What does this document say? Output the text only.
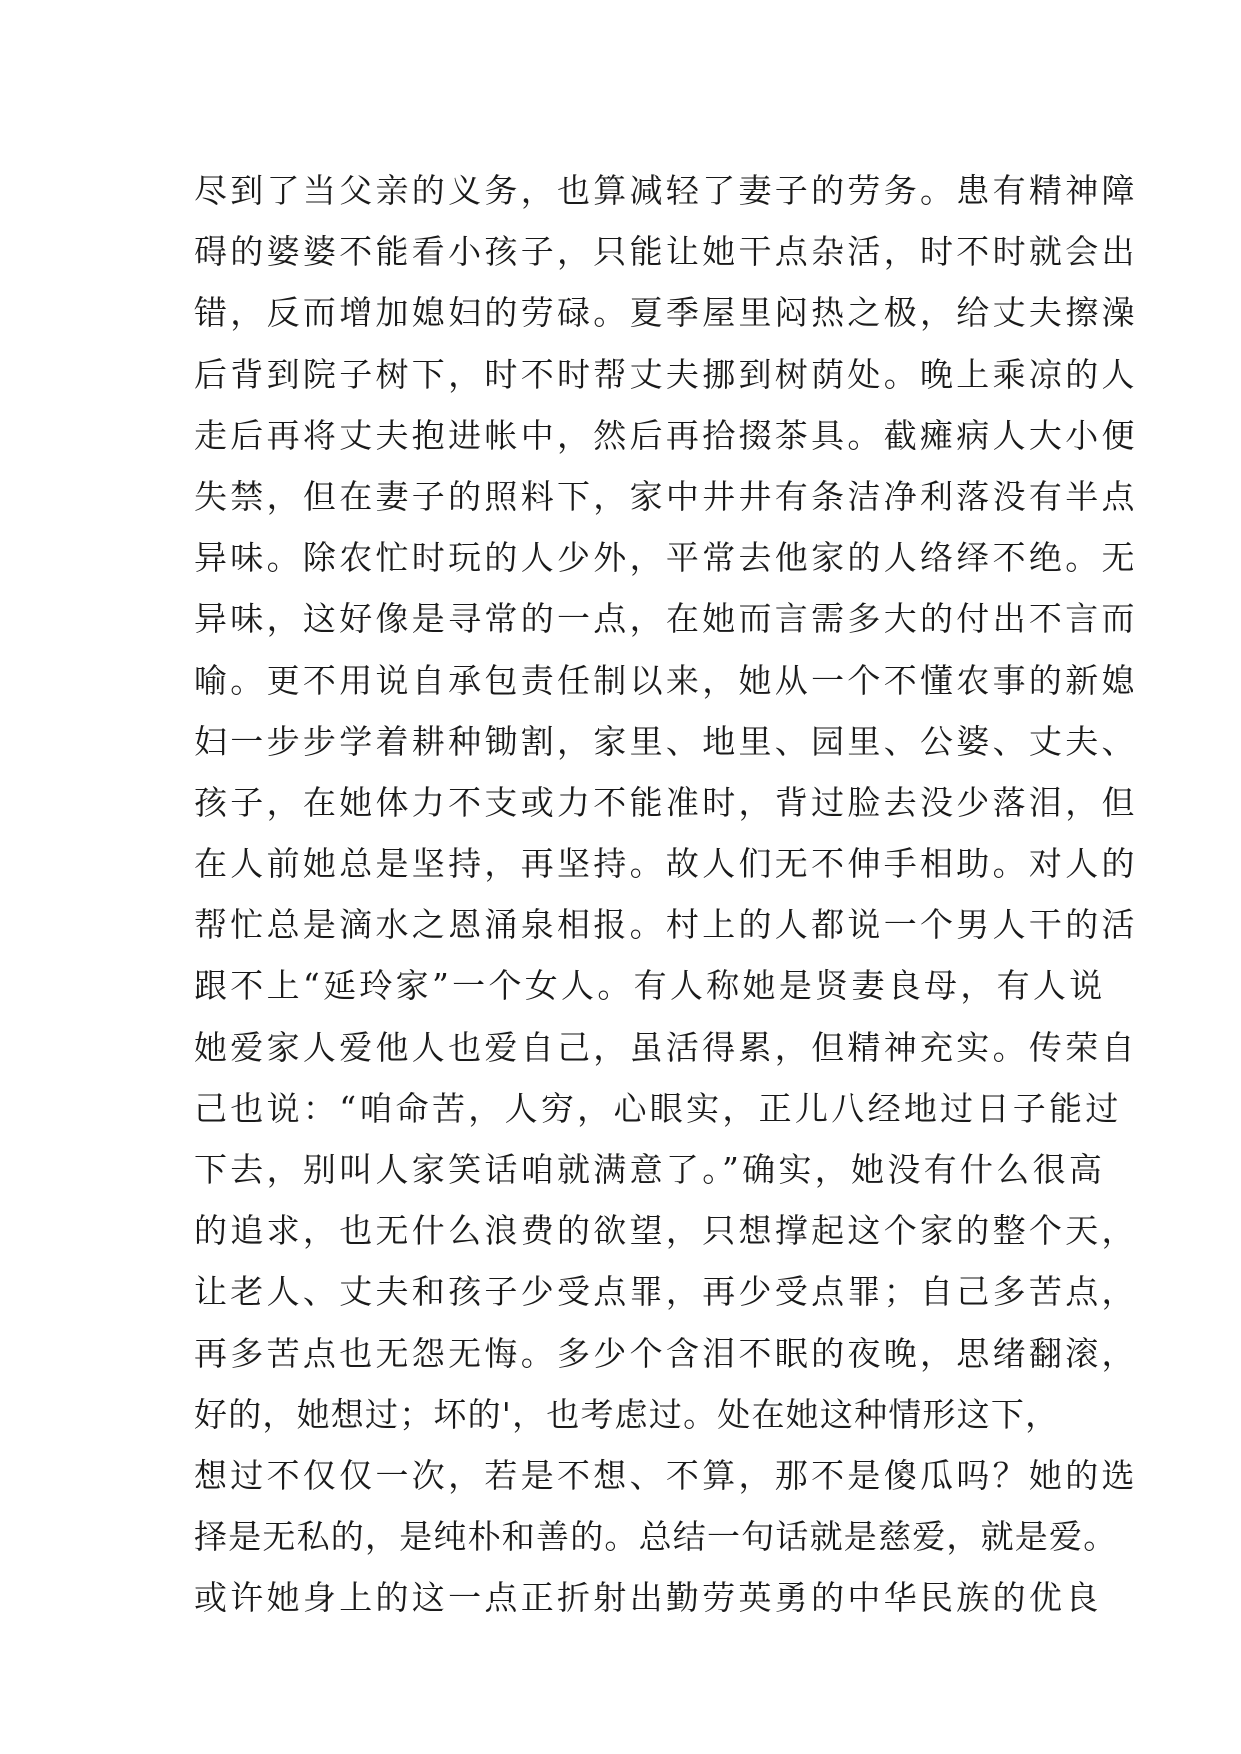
尽到了当父亲的义务，也算减轻了妻子的劳务。患有精神障
碍的婆婆不能看小孩子，只能让她干点杂活，时不时就会出
错，反而增加媳妇的劳碌。夏季屋里闷热之极，给丈夫擦澡
后背到院子树下，时不时帮丈夫挪到树荫处。晚上乘凉的人
走后再将丈夫抱进帐中，然后再拾掇茶具。截瘫病人大小便
失禁，但在妻子的照料下，家中井井有条洁净利落没有半点
异味。除农忙时玩的人少外，平常去他家的人络绎不绝。无
异味，这好像是寻常的一点，在她而言需多大的付出不言而
喻。更不用说自承包责任制以来，她从一个不懂农事的新媳
妇一步步学着耕种锄割，家里、地里、园里、公婆、丈夫、
孩子，在她体力不支或力不能准时，背过脸去没少落泪，但
在人前她总是坚持，再坚持。故人们无不伸手相助。对人的
帮忙总是滴水之恩涌泉相报。村上的人都说一个男人干的活
跟不上“延玲家”一个女人。有人称她是贤妻良母，有人说
她爱家人爱他人也爱自己，虽活得累，但精神充实。传荣自
己也说：“咱命苦，人穷，心眼实，正儿八经地过日子能过
下去，别叫人家笑话咱就满意了。”确实，她没有什么很高
的追求，也无什么浪费的欲望，只想撑起这个家的整个天，
让老人、丈夫和孩子少受点罪，再少受点罪；自己多苦点，
再多苦点也无怨无悔。多少个含泪不眠的夜晚，思绪翻滚，
好的，她想过；坏的'，也考虑过。处在她这种情形这下，
想过不仅仅一次，若是不想、不算，那不是傻瓜吗？她的选
择是无私的，是纯朴和善的。总结一句话就是慈爱，就是爱。
或许她身上的这一点正折射出勤劳英勇的中华民族的优良
